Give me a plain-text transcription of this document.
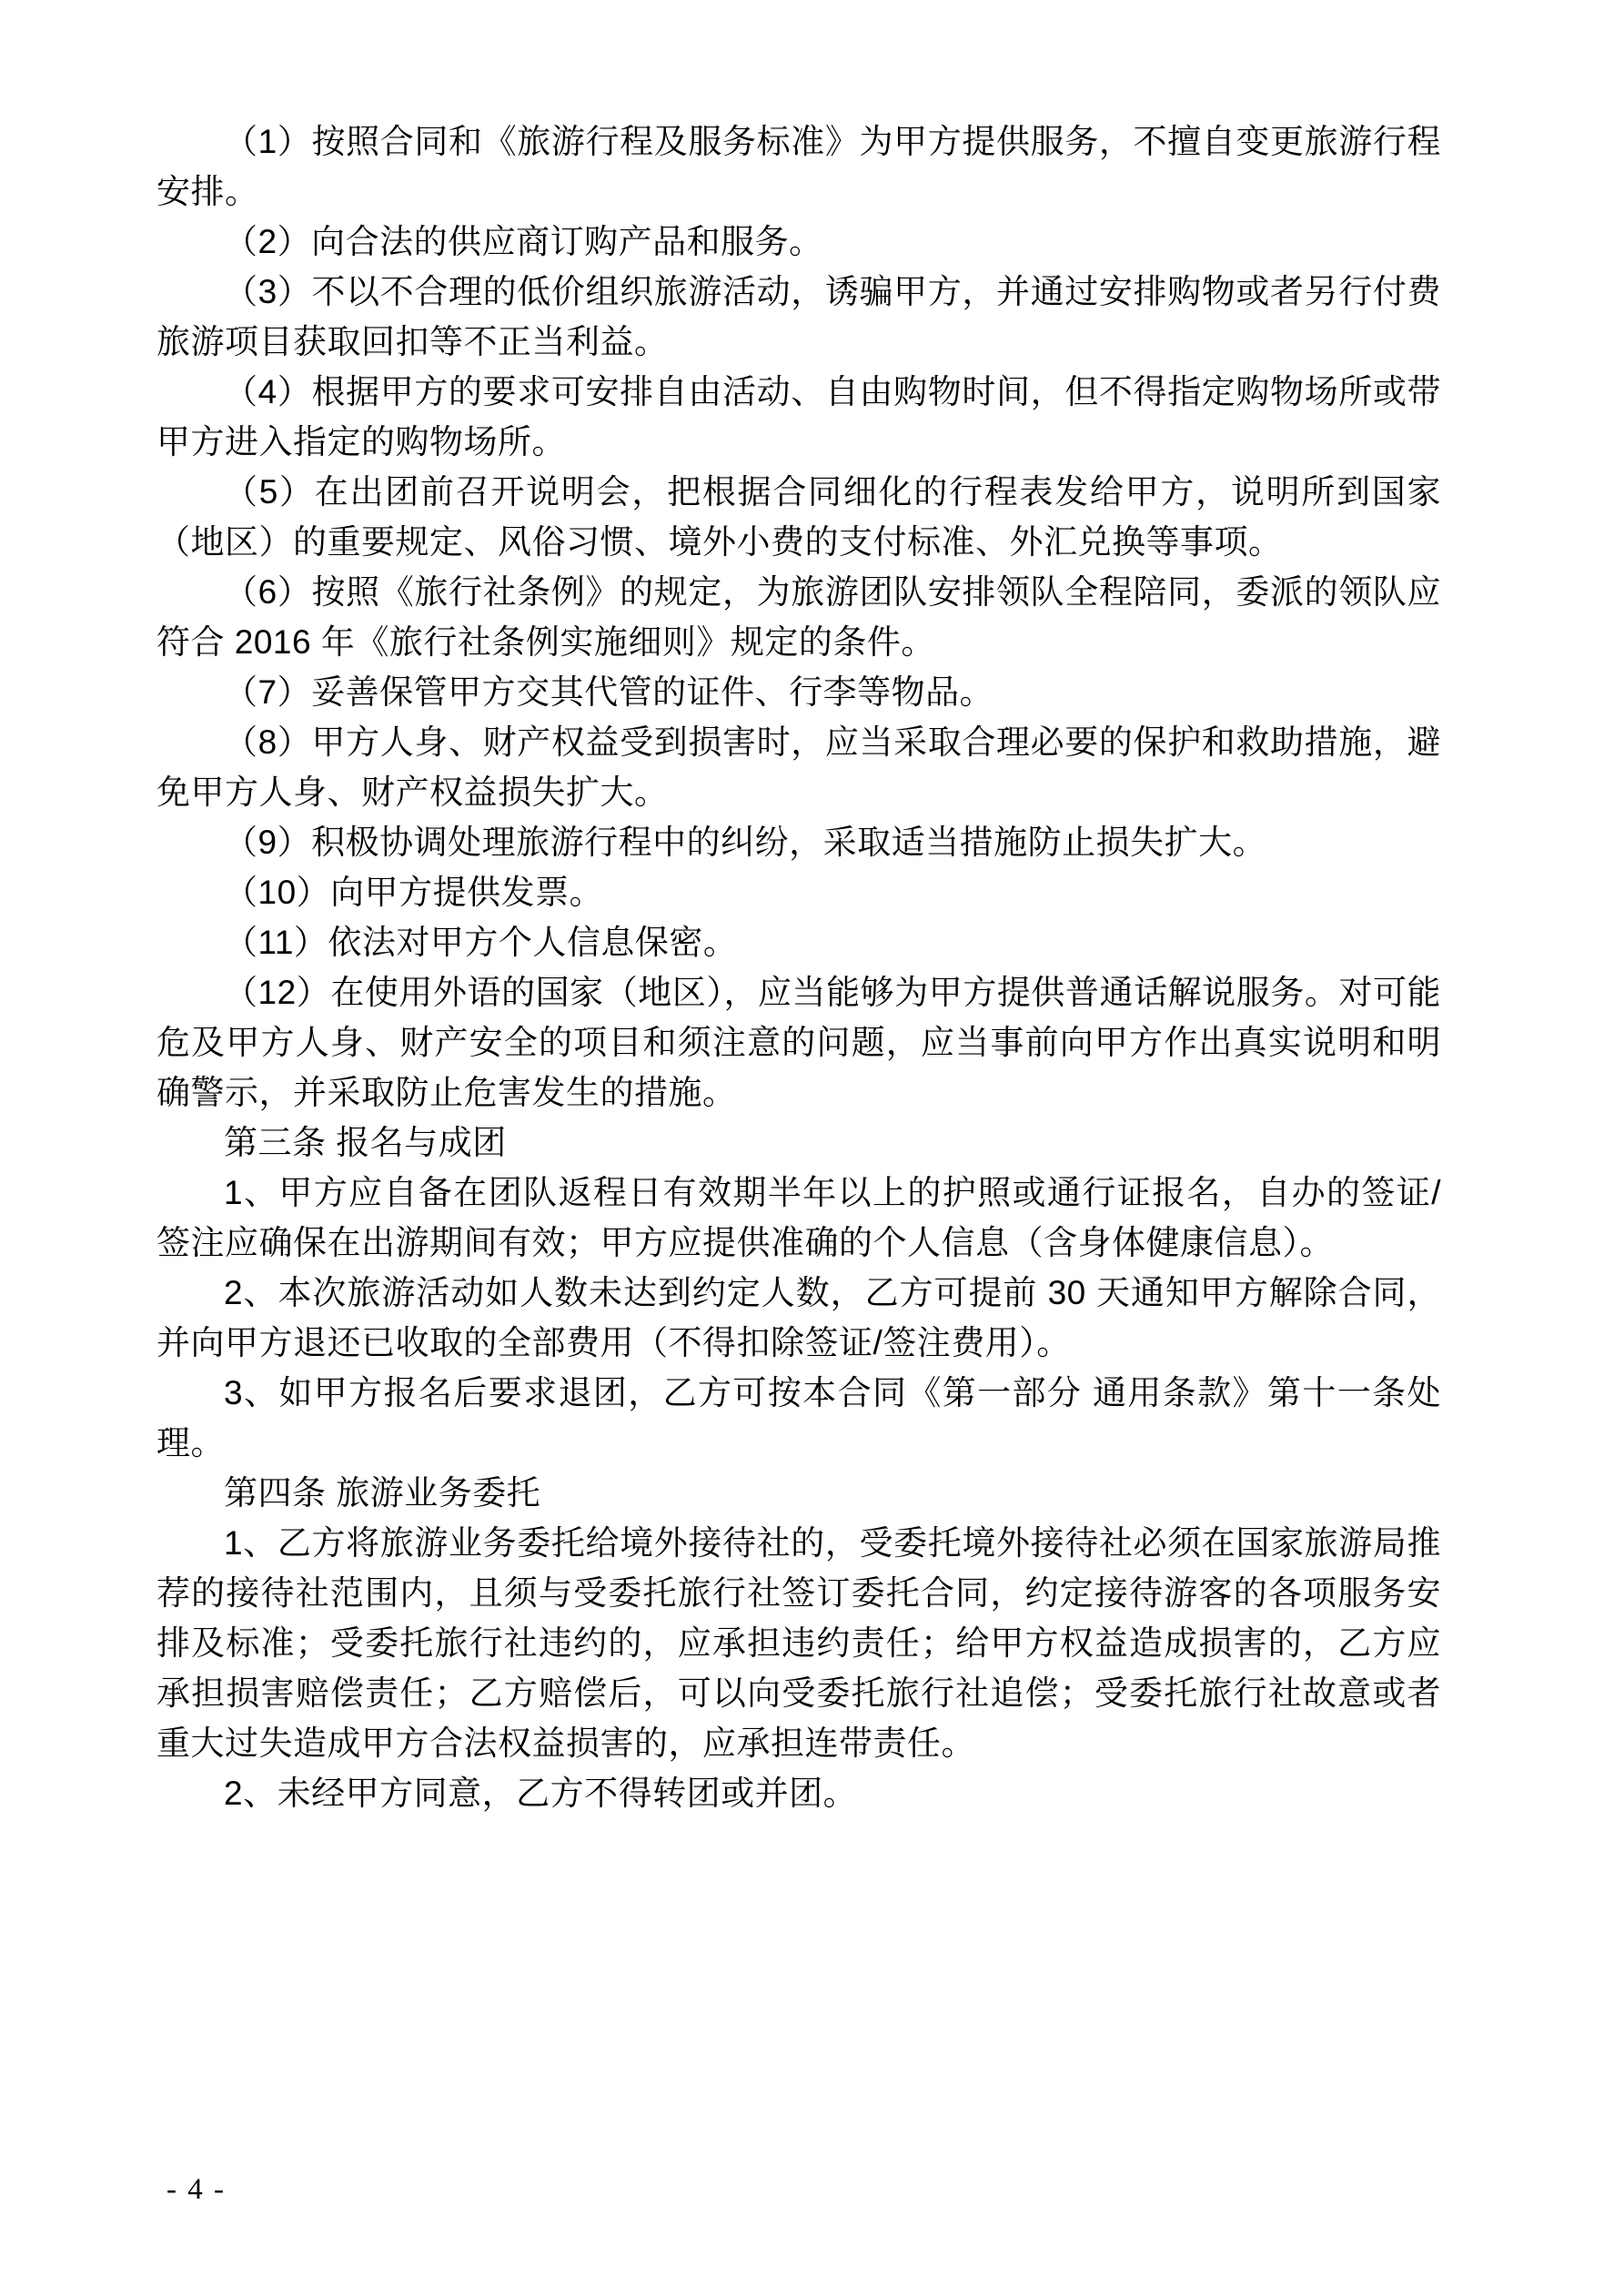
（1）按照合同和《旅游行程及服务标准》为甲方提供服务，不擅自变更旅游行程安排。

（2）向合法的供应商订购产品和服务。

（3）不以不合理的低价组织旅游活动，诱骗甲方，并通过安排购物或者另行付费旅游项目获取回扣等不正当利益。

（4）根据甲方的要求可安排自由活动、自由购物时间，但不得指定购物场所或带甲方进入指定的购物场所。

（5）在出团前召开说明会，把根据合同细化的行程表发给甲方，说明所到国家（地区）的重要规定、风俗习惯、境外小费的支付标准、外汇兑换等事项。

（6）按照《旅行社条例》的规定，为旅游团队安排领队全程陪同，委派的领队应符合 2016 年《旅行社条例实施细则》规定的条件。

（7）妥善保管甲方交其代管的证件、行李等物品。

（8）甲方人身、财产权益受到损害时，应当采取合理必要的保护和救助措施，避免甲方人身、财产权益损失扩大。

（9）积极协调处理旅游行程中的纠纷，采取适当措施防止损失扩大。

（10）向甲方提供发票。

（11）依法对甲方个人信息保密。

（12）在使用外语的国家（地区），应当能够为甲方提供普通话解说服务。对可能危及甲方人身、财产安全的项目和须注意的问题，应当事前向甲方作出真实说明和明确警示，并采取防止危害发生的措施。

第三条 报名与成团

1、甲方应自备在团队返程日有效期半年以上的护照或通行证报名，自办的签证/签注应确保在出游期间有效；甲方应提供准确的个人信息（含身体健康信息）。

2、本次旅游活动如人数未达到约定人数，乙方可提前 30 天通知甲方解除合同，并向甲方退还已收取的全部费用（不得扣除签证/签注费用）。

3、如甲方报名后要求退团，乙方可按本合同《第一部分 通用条款》第十一条处理。

第四条 旅游业务委托

1、乙方将旅游业务委托给境外接待社的，受委托境外接待社必须在国家旅游局推荐的接待社范围内，且须与受委托旅行社签订委托合同，约定接待游客的各项服务安排及标准；受委托旅行社违约的，应承担违约责任；给甲方权益造成损害的，乙方应承担损害赔偿责任；乙方赔偿后，可以向受委托旅行社追偿；受委托旅行社故意或者重大过失造成甲方合法权益损害的，应承担连带责任。

2、未经甲方同意，乙方不得转团或并团。

- 4 -
